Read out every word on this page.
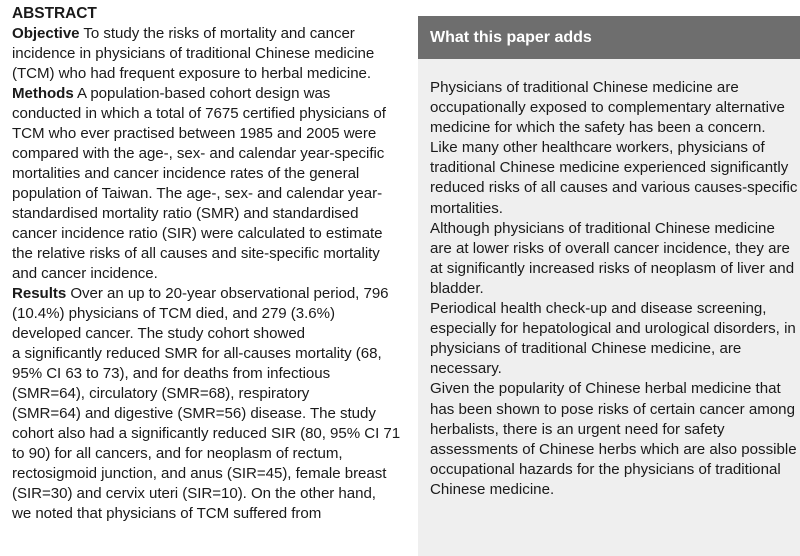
ABSTRACT
Objective To study the risks of mortality and cancer
incidence in physicians of traditional Chinese medicine
(TCM) who had frequent exposure to herbal medicine.
Methods A population-based cohort design was
conducted in which a total of 7675 certified physicians of
TCM who ever practised between 1985 and 2005 were
compared with the age-, sex- and calendar year-specific
mortalities and cancer incidence rates of the general
population of Taiwan. The age-, sex- and calendar year-
standardised mortality ratio (SMR) and standardised
cancer incidence ratio (SIR) were calculated to estimate
the relative risks of all causes and site-specific mortality
and cancer incidence.
Results Over an up to 20-year observational period, 796
(10.4%) physicians of TCM died, and 279 (3.6%)
developed cancer. The study cohort showed
a significantly reduced SMR for all-causes mortality (68,
95% CI 63 to 73), and for deaths from infectious
(SMR=64), circulatory (SMR=68), respiratory
(SMR=64) and digestive (SMR=56) disease. The study
cohort also had a significantly reduced SIR (80, 95% CI 71
to 90) for all cancers, and for neoplasm of rectum,
rectosigmoid junction, and anus (SIR=45), female breast
(SIR=30) and cervix uteri (SIR=10). On the other hand,
we noted that physicians of TCM suffered from
What this paper adds

Physicians of traditional Chinese medicine are occupationally exposed to complementary alternative medicine for which the safety has been a concern.

Like many other healthcare workers, physicians of traditional Chinese medicine experienced significantly reduced risks of all causes and various causes-specific mortalities.

Although physicians of traditional Chinese medicine are at lower risks of overall cancer incidence, they are at significantly increased risks of neoplasm of liver and bladder.

Periodical health check-up and disease screening, especially for hepatological and urological disorders, in physicians of traditional Chinese medicine, are necessary.

Given the popularity of Chinese herbal medicine that has been shown to pose risks of certain cancer among herbalists, there is an urgent need for safety assessments of Chinese herbs which are also possible occupational hazards for the physicians of traditional Chinese medicine.
